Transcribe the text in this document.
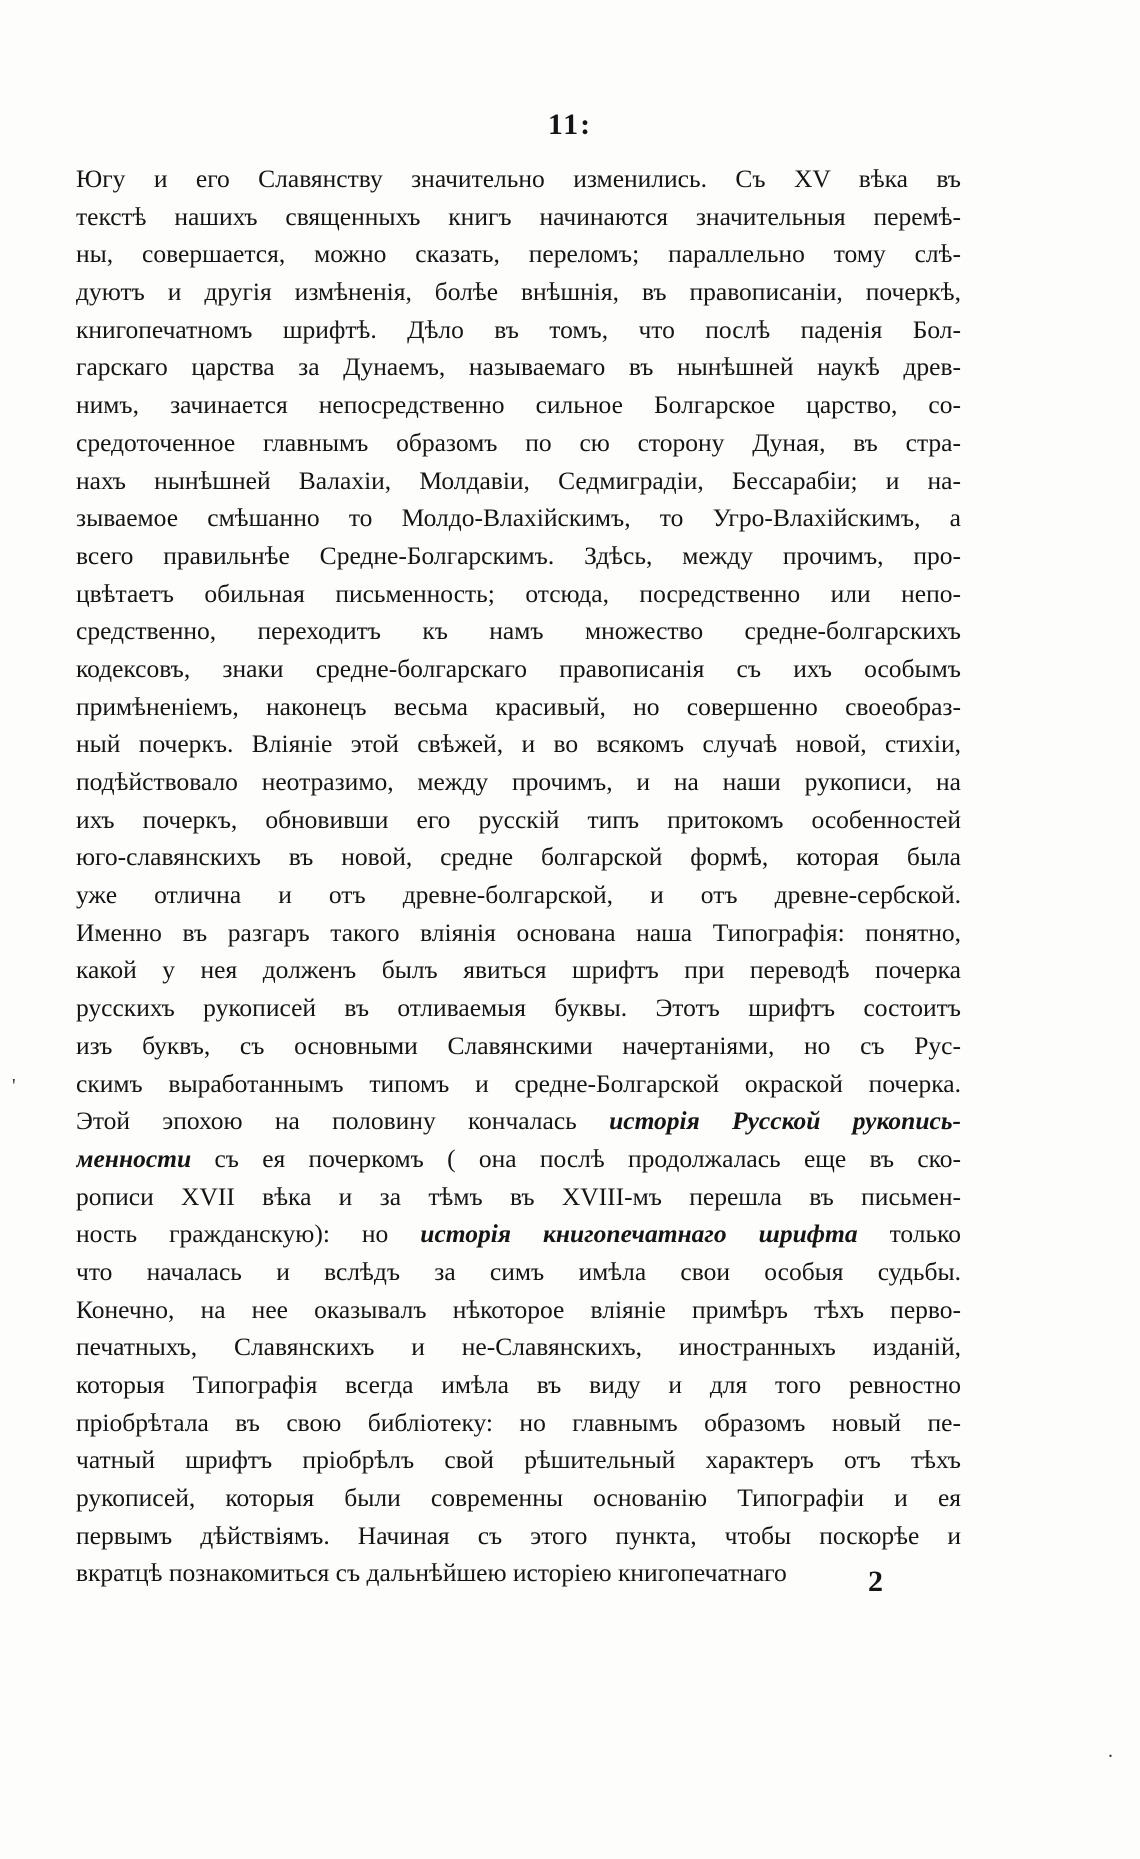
11:
Югу и его Славянству значительно изменились. Съ XV вѣка въ
текстѣ нашихъ священныхъ книгъ начинаются значительныя перемѣ-
ны, совершается, можно сказать, переломъ; параллельно тому слѣ-
дуютъ и другія измѣненія, болѣе внѣшнія, въ правописаніи, почеркѣ,
книгопечатномъ шрифтѣ. Дѣло въ томъ, что послѣ паденія Бол-
гарскаго царства за Дунаемъ, называемаго въ нынѣшней наукѣ древ-
нимъ, зачинается непосредственно сильное Болгарское царство, со-
средоточенное главнымъ образомъ по сю сторону Дуная, въ стра-
нахъ нынѣшней Валахіи, Молдавіи, Седмиградіи, Бессарабіи; и на-
зываемое смѣшанно то Молдо-Влахійскимъ, то Угро-Влахійскимъ, а
всего правильнѣе Средне-Болгарскимъ. Здѣсь, между прочимъ, про-
цвѣтаетъ обильная письменность; отсюда, посредственно или непо-
средственно, переходитъ къ намъ множество средне-болгарскихъ
кодексовъ, знаки средне-болгарскаго правописанія съ ихъ особымъ
примѣненіемъ, наконецъ весьма красивый, но совершенно своеобраз-
ный почеркъ. Вліяніе этой свѣжей, и во всякомъ случаѣ новой, стихіи,
подѣйствовало неотразимо, между прочимъ, и на наши рукописи, на
ихъ почеркъ, обновивши его русскій типъ притокомъ особенностей
юго-славянскихъ въ новой, средне болгарской формѣ, которая была
уже отлична и отъ древне-болгарской, и отъ древне-сербской.
Именно въ разгаръ такого вліянія основана наша Типографія: понятно,
какой у нея долженъ былъ явиться шрифтъ при переводѣ почерка
русскихъ рукописей въ отливаемыя буквы. Этотъ шрифтъ состоитъ
изъ буквъ, съ основными Славянскими начертаніями, но съ Рус-
скимъ выработаннымъ типомъ и средне-Болгарской окраской почерка.
Этой эпохою на половину кончалась исторія Русской рукопись-
менности съ ея почеркомъ ( она послѣ продолжалась еще въ ско-
рописи XVII вѣка и за тѣмъ въ XVIII-мъ перешла въ письмен-
ность гражданскую): но исторія книгопечатнаго шрифта только
что началась и вслѣдъ за симъ имѣла свои особыя судьбы.
Конечно, на нее оказывалъ нѣкоторое вліяніе примѣръ тѣхъ перво-
печатныхъ, Славянскихъ и не-Славянскихъ, иностранныхъ изданій,
которыя Типографія всегда имѣла въ виду и для того ревностно
пріобрѣтала въ свою библіотеку: но главнымъ образомъ новый пе-
чатный шрифтъ пріобрѣлъ свой рѣшительный характеръ отъ тѣхъ
рукописей, которыя были современны основанію Типографіи и ея
первымъ дѣйствіямъ. Начиная съ этого пункта, чтобы поскорѣе и
вкратцѣ познакомиться съ дальнѣйшею исторіею книгопечатнаго	2
'
.
